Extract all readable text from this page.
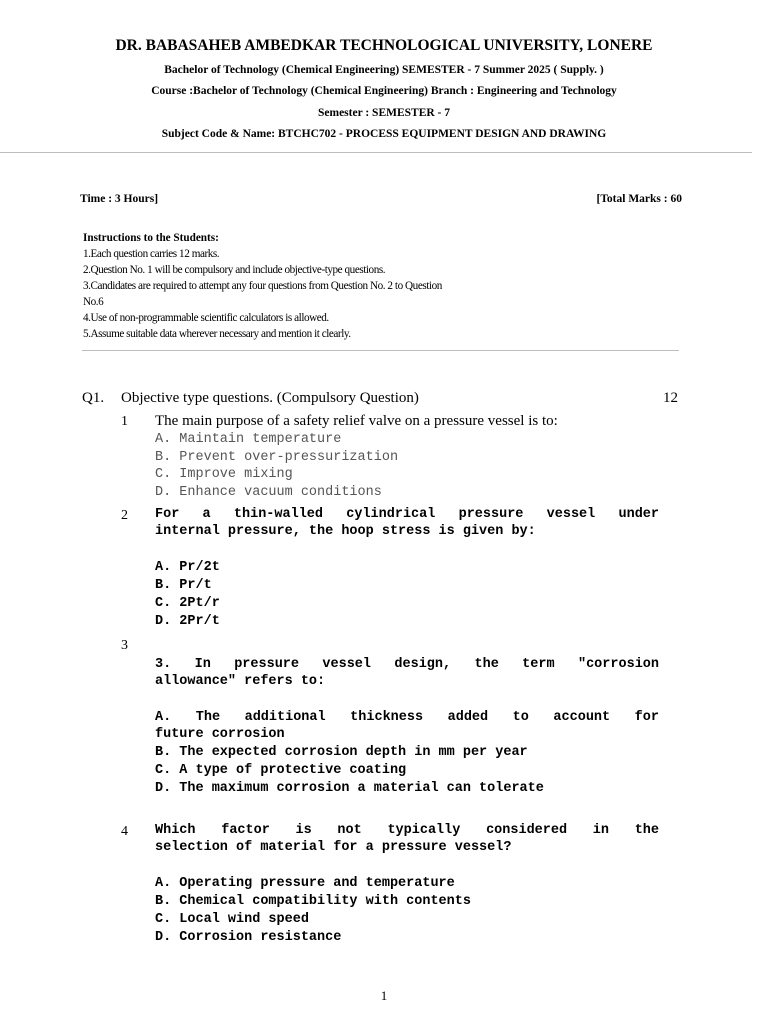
DR. BABASAHEB AMBEDKAR TECHNOLOGICAL UNIVERSITY, LONERE
Bachelor of Technology (Chemical Engineering) SEMESTER - 7 Summer 2025 ( Supply. )
Course :Bachelor of Technology (Chemical Engineering) Branch : Engineering and Technology
Semester : SEMESTER - 7
Subject Code & Name: BTCHC702 - PROCESS EQUIPMENT DESIGN AND DRAWING
Time : 3 Hours]	[Total Marks : 60
Instructions to the Students:
1.Each question carries 12 marks.
2.Question No. 1 will be compulsory and include objective-type questions.
3.Candidates are required to attempt any four questions from Question No. 2 to Question
No.6
4.Use of non-programmable scientific calculators is allowed.
5.Assume suitable data wherever necessary and mention it clearly.
Q1. Objective type questions. (Compulsory Question)	12
1 The main purpose of a safety relief valve on a pressure vessel is to:
A. Maintain temperature
B. Prevent over-pressurization
C. Improve mixing
D. Enhance vacuum conditions
2 For a thin-walled cylindrical pressure vessel under
internal pressure, the hoop stress is given by:
A. Pr/2t
B. Pr/t
C. 2Pt/r
D. 2Pr/t
3
3. In pressure vessel design, the term "corrosion
allowance" refers to:
A. The additional thickness added to account for
future corrosion
B. The expected corrosion depth in mm per year
C. A type of protective coating
D. The maximum corrosion a material can tolerate
4 Which factor is not typically considered in the
selection of material for a pressure vessel?
A. Operating pressure and temperature
B. Chemical compatibility with contents
C. Local wind speed
D. Corrosion resistance
1
